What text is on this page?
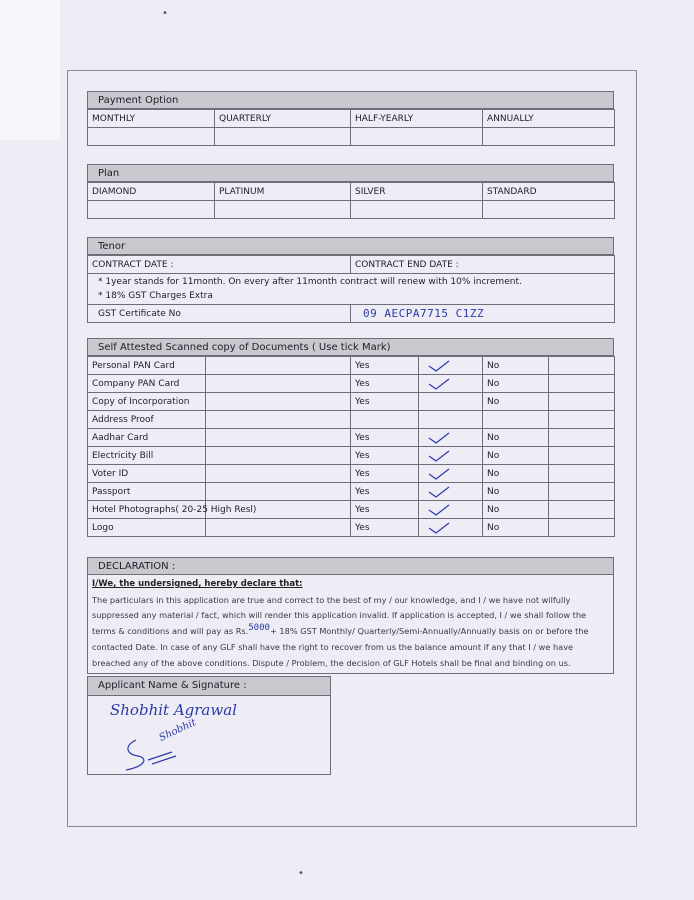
•
Payment Option
MONTHLY	QUARTERLY	HALF-YEARLY	ANNUALLY

Plan
DIAMOND	PLATINUM	SILVER	STANDARD

Tenor
CONTRACT DATE :	CONTRACT END DATE :

* 1year stands for 11month. On every after 11month contract will renew with 10% increment.
* 18% GST Charges Extra	

GST Certificate No	09 AECPA7715 C1ZZ
Self Attested Scanned copy of Documents ( Use tick Mark)
Personal PAN Card		Yes		No	
Company PAN Card		Yes		No	
Copy of Incorporation		Yes		No	
Address Proof					
Aadhar Card		Yes		No	
Electricity Bill		Yes		No	
Voter ID		Yes		No	
Passport		Yes		No	
Hotel Photographs( 20-25 High Resl)		Yes		No	
Logo		Yes		No	
DECLARATION :
I/We, the undersigned, hereby declare that:
The particulars in this application are true and correct to the best of my / our knowledge, and I / we have not wilfully suppressed any material / fact, which will render this application invalid. If application is accepted, I / we shall follow the terms & conditions and will pay as Rs.5000+ 18% GST Monthly/ Quarterly/Semi-Annually/Annually basis on or before the contacted Date. In case of any GLF shall have the right to recover from us the balance amount if any that I / we have breached any of the above conditions. Dispute / Problem, the decision of GLF Hotels shall be final and binding on us.
Applicant Name & Signature :
Shobhit Agrawal
Shobhit
•
